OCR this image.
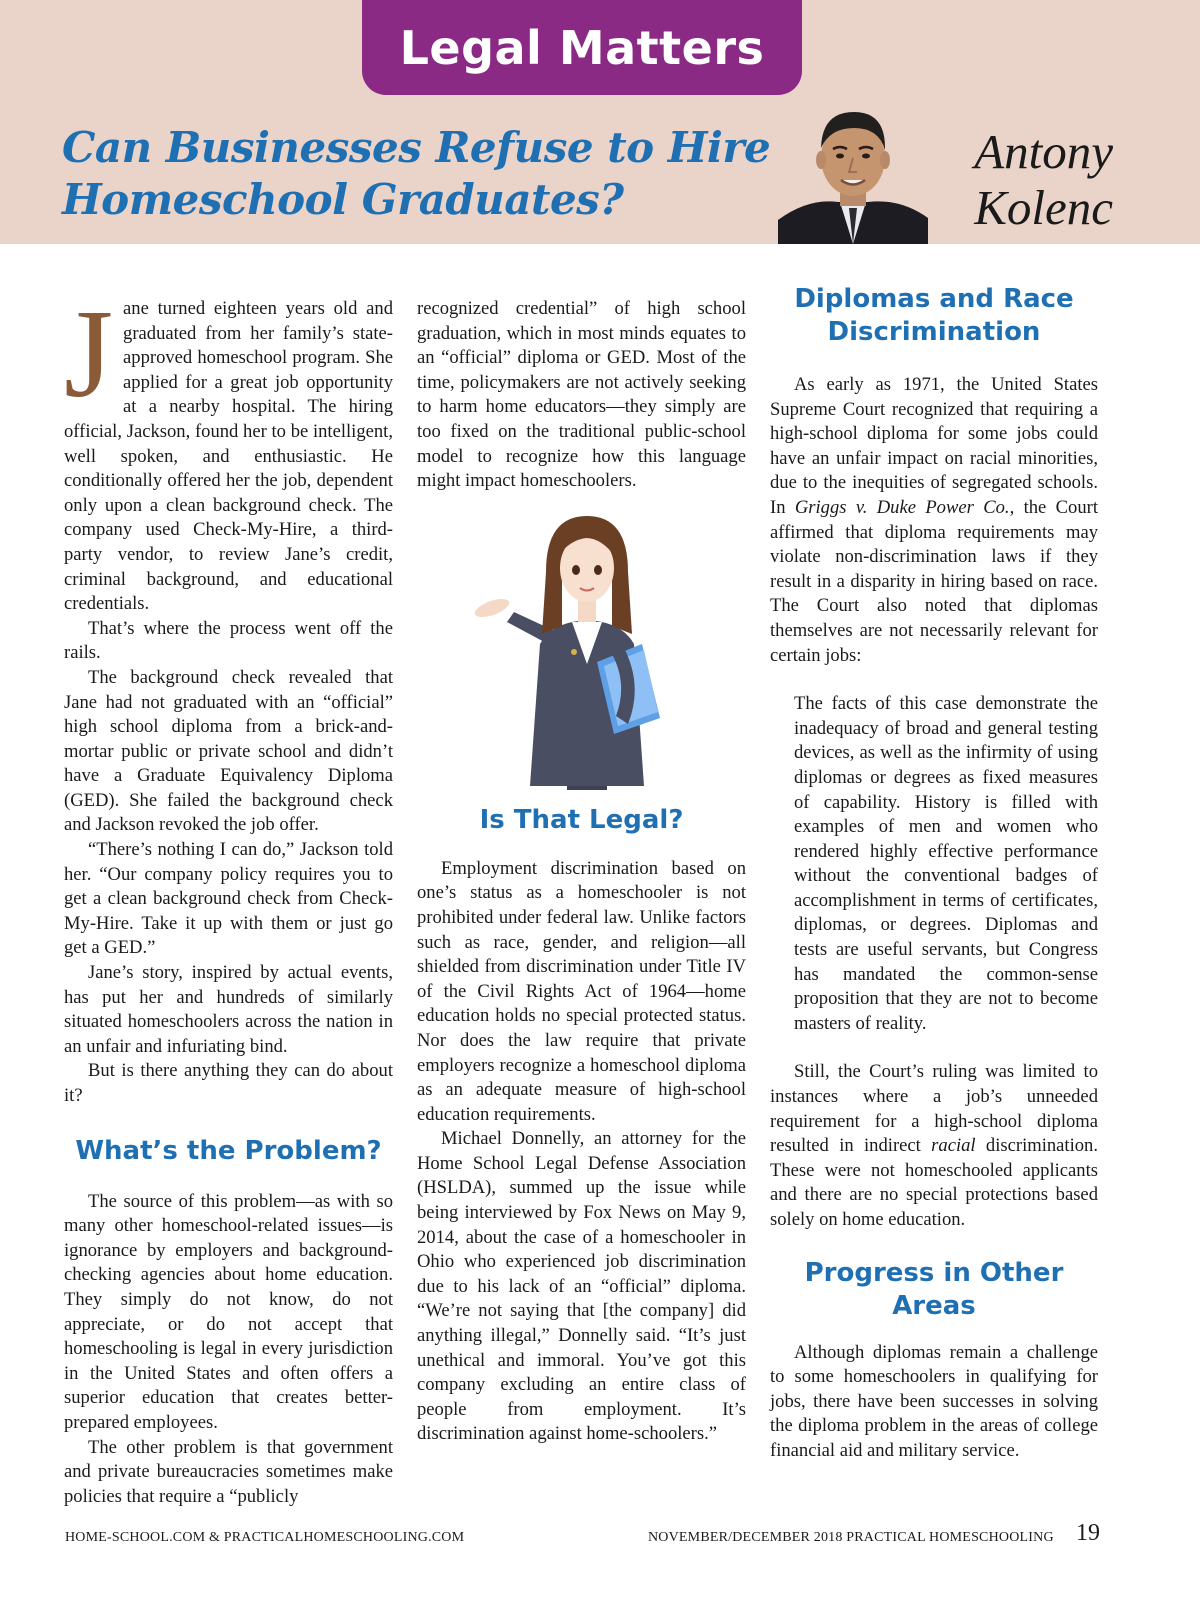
Legal Matters
Can Businesses Refuse to Hire
Homeschool Graduates?
Antony
Kolenc

Jane turned eighteen years old and graduated from her family’s state-approved homeschool program. She applied for a great job opportunity at a nearby hospital. The hiring official, Jackson, found her to be intelligent, well spoken, and enthusiastic. He conditionally offered her the job, dependent only upon a clean background check. The company used Check-My-Hire, a third-party vendor, to review Jane’s credit, criminal background, and educational credentials.

That’s where the process went off the rails.

The background check revealed that Jane had not graduated with an “official” high school diploma from a brick-and-mortar public or private school and didn’t have a Graduate Equivalency Diploma (GED). She failed the background check and Jackson revoked the job offer.

“There’s nothing I can do,” Jackson told her. “Our company policy requires you to get a clean background check from Check-My-Hire. Take it up with them or just go get a GED.”

Jane’s story, inspired by actual events, has put her and hundreds of similarly situated homeschoolers across the nation in an unfair and infuriating bind.

But is there anything they can do about it?

What’s the Problem?

The source of this problem—as with so many other homeschool-related issues—is ignorance by employers and background-checking agencies about home education. They simply do not know, do not appreciate, or do not accept that homeschooling is legal in every jurisdiction in the United States and often offers a superior education that creates better-prepared employees.

The other problem is that government and private bureaucracies sometimes make policies that require a “publicly

recognized credential” of high school graduation, which in most minds equates to an “official” diploma or GED. Most of the time, policymakers are not actively seeking to harm home educators—they simply are too fixed on the traditional public-school model to recognize how this language might impact homeschoolers.

Is That Legal?

Employment discrimination based on one’s status as a homeschooler is not prohibited under federal law. Unlike factors such as race, gender, and religion—all shielded from discrimination under Title IV of the Civil Rights Act of 1964—home education holds no special protected status. Nor does the law require that private employers recognize a homeschool diploma as an adequate measure of high-school education requirements.

Michael Donnelly, an attorney for the Home School Legal Defense Association (HSLDA), summed up the issue while being interviewed by Fox News on May 9, 2014, about the case of a homeschooler in Ohio who experienced job discrimination due to his lack of an “official” diploma. “We’re not saying that [the company] did anything illegal,” Donnelly said. “It’s just unethical and immoral. You’ve got this company excluding an entire class of people from employment. It’s discrimination against home-schoolers.”

Diplomas and Race Discrimination

As early as 1971, the United States Supreme Court recognized that requiring a high-school diploma for some jobs could have an unfair impact on racial minorities, due to the inequities of segregated schools. In Griggs v. Duke Power Co., the Court affirmed that diploma requirements may violate non-discrimination laws if they result in a disparity in hiring based on race. The Court also noted that diplomas themselves are not necessarily relevant for certain jobs:

The facts of this case demonstrate the inadequacy of broad and general testing devices, as well as the infirmity of using diplomas or degrees as fixed measures of capability. History is filled with examples of men and women who rendered highly effective performance without the conventional badges of accomplishment in terms of certificates, diplomas, or degrees. Diplomas and tests are useful servants, but Congress has mandated the common-sense proposition that they are not to become masters of reality.

Still, the Court’s ruling was limited to instances where a job’s unneeded requirement for a high-school diploma resulted in indirect racial discrimination. These were not homeschooled applicants and there are no special protections based solely on home education.

Progress in Other Areas

Although diplomas remain a challenge to some homeschoolers in qualifying for jobs, there have been successes in solving the diploma problem in the areas of college financial aid and military service.

HOME-SCHOOL.COM & PRACTICALHOMESCHOOLING.COM	NOVEMBER/DECEMBER 2018 PRACTICAL HOMESCHOOLING 19
